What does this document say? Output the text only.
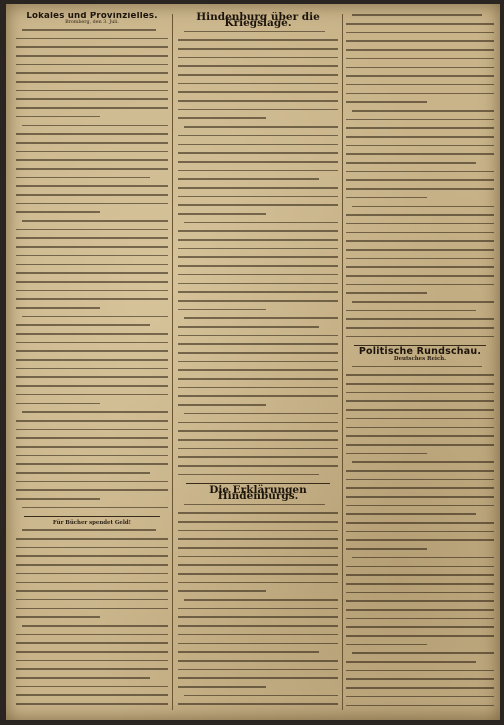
Lokales und Provinzielles.
Bromberg, den 3. Juli.
Für Bücher spendet Geld!
Hindenburg über die Kriegslage.
Die Erklärungen Hindenburgs.
Politische Rundschau.
Deutsches Reich.
